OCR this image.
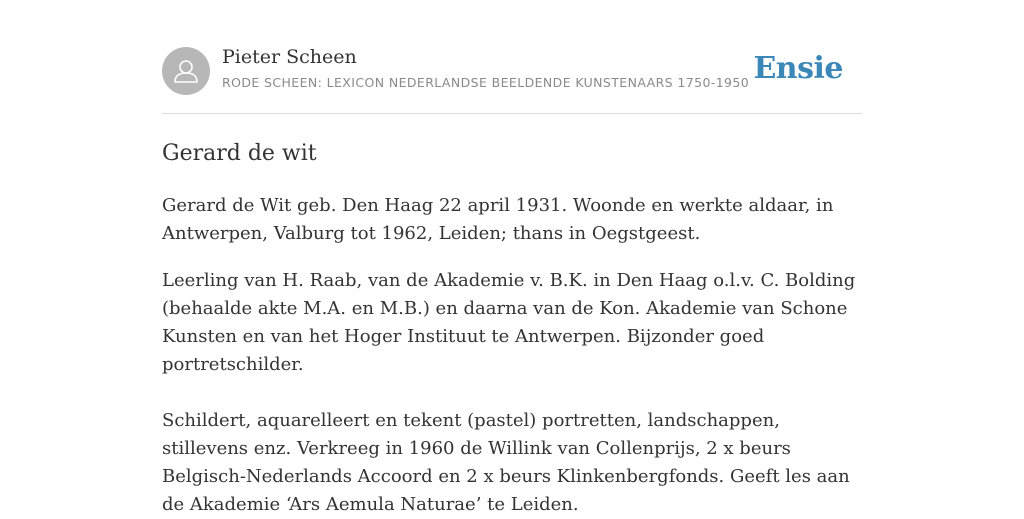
Pieter Scheen
RODE SCHEEN: LEXICON NEDERLANDSE BEELDENDE KUNSTENAARS 1750-1950 Ensie
Gerard de wit

Gerard de Wit geb. Den Haag 22 april 1931. Woonde en werkte aldaar, in Antwerpen, Valburg tot 1962, Leiden; thans in Oegstgeest.

Leerling van H. Raab, van de Akademie v. B.K. in Den Haag o.l.v. C. Bolding (behaalde akte M.A. en M.B.) en daarna van de Kon. Akademie van Schone Kunsten en van het Hoger Instituut te Antwerpen. Bijzonder goed portretschilder.

Schildert, aquarelleert en tekent (pastel) portretten, landschappen, stillevens enz. Verkreeg in 1960 de Willink van Collenprijs, 2 x beurs Belgisch-Nederlands Accoord en 2 x beurs Klinkenbergfonds. Geeft les aan de Akademie ‘Ars Aemula Naturae’ te Leiden.
